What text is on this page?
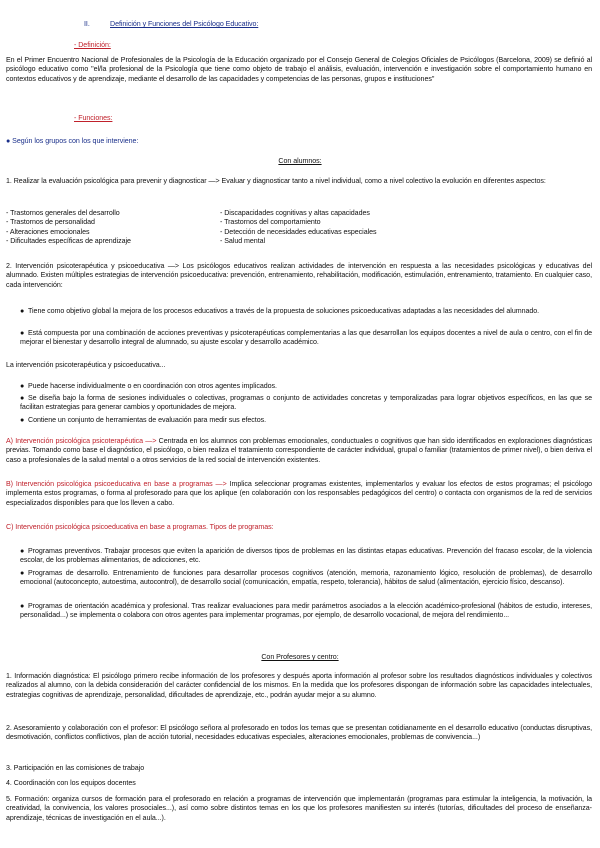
II.	Definición y Funciones del Psicólogo Educativo:
- Definición:
En el Primer Encuentro Nacional de Profesionales de la Psicología de la Educación organizado por el Consejo General de Colegios Oficiales de Psicólogos (Barcelona, 2009) se definió al psicólogo educativo como "el/la profesional de la Psicología que tiene como objeto de trabajo el análisis, evaluación, intervención e investigación sobre el comportamiento humano en contextos educativos y de aprendizaje, mediante el desarrollo de las capacidades y competencias de las personas, grupos e instituciones"
- Funciones:
● Según los grupos con los que interviene:
Con alumnos:
1. Realizar la evaluación psicológica para prevenir y diagnosticar —> Evaluar y diagnosticar tanto a nivel individual, como a nivel colectivo la evolución en diferentes aspectos:
- Trastornos generales del desarrollo
- Trastornos de personalidad
- Alteraciones emocionales
- Dificultades específicas de aprendizaje
- Discapacidades cognitivas y altas capacidades
- Trastornos del comportamiento
- Detección de necesidades educativas especiales
- Salud mental
2. Intervención psicoterapéutica y psicoeducativa —> Los psicólogos educativos realizan actividades de intervención en respuesta a las necesidades psicológicas y educativas del alumnado. Existen múltiples estrategias de intervención psicoeducativa: prevención, entrenamiento, rehabilitación, modificación, estimulación, entrenamiento, tratamiento. En cualquier caso, cada intervención:
● Tiene como objetivo global la mejora de los procesos educativos a través de la propuesta de soluciones psicoeducativas adaptadas a las necesidades del alumnado.
● Está compuesta por una combinación de acciones preventivas y psicoterapéuticas complementarias a las que desarrollan los equipos docentes a nivel de aula o centro, con el fin de mejorar el bienestar y desarrollo integral de alumnado, su ajuste escolar y desarrollo académico.
La intervención psicoterapéutica y psicoeducativa...
● Puede hacerse individualmente o en coordinación con otros agentes implicados.
● Se diseña bajo la forma de sesiones individuales o colectivas, programas o conjunto de actividades concretas y temporalizadas para lograr objetivos específicos, en las que se facilitan estrategias para generar cambios y oportunidades de mejora.
● Contiene un conjunto de herramientas de evaluación para medir sus efectos.
A) Intervención psicológica psicoterapéutica —> Centrada en los alumnos con problemas emocionales, conductuales o cognitivos que han sido identificados en exploraciones diagnósticas previas. Tomando como base el diagnóstico, el psicólogo, o bien realiza el tratamiento correspondiente de carácter individual, grupal o familiar (tratamientos de primer nivel), o bien deriva el caso a profesionales de la salud mental o a otros servicios de la red social de intervención existentes.
B) Intervención psicológica psicoeducativa en base a programas —> Implica seleccionar programas existentes, implementarlos y evaluar los efectos de estos programas; el psicólogo implementa estos programas, o forma al profesorado para que los aplique (en colaboración con los responsables pedagógicos del centro) o contacta con organismos de la red de servicios especializados disponibles para que los lleven a cabo.
C) Intervención psicológica psicoeducativa en base a programas. Tipos de programas:
● Programas preventivos. Trabajar procesos que eviten la aparición de diversos tipos de problemas en las distintas etapas educativas. Prevención del fracaso escolar, de la violencia escolar, de los problemas alimentarios, de adicciones, etc.
● Programas de desarrollo. Entrenamiento de funciones para desarrollar procesos cognitivos (atención, memoria, razonamiento lógico, resolución de problemas), de desarrollo emocional (autoconcepto, autoestima, autocontrol), de desarrollo social (comunicación, empatía, respeto, tolerancia), hábitos de salud (alimentación, ejercicio físico, descanso).
● Programas de orientación académica y profesional. Tras realizar evaluaciones para medir parámetros asociados a la elección académico-profesional (hábitos de estudio, intereses, personalidad...) se implementa o colabora con otros agentes para implementar programas, por ejemplo, de desarrollo vocacional, de mejora del rendimiento...
Con Profesores y centro:
1. Información diagnóstica: El psicólogo primero recibe información de los profesores y después aporta información al profesor sobre los resultados diagnósticos individuales y colectivos realizados al alumno, con la debida consideración del carácter confidencial de los mismos. En la medida que los profesores dispongan de información sobre las capacidades intelectuales, estrategias cognitivas de aprendizaje, personalidad, dificultades de aprendizaje, etc., podrán ayudar mejor a su alumno.
2. Asesoramiento y colaboración con el profesor: El psicólogo señora al profesorado en todos los temas que se presentan cotidianamente en el desarrollo educativo (conductas disruptivas, desmotivación, conflictos conflictivos, plan de acción tutorial, necesidades educativas especiales, alteraciones emocionales, problemas de convivencia...)
3. Participación en las comisiones de trabajo
4. Coordinación con los equipos docentes
5. Formación: organiza cursos de formación para el profesorado en relación a programas de intervención que implementarán (programas para estimular la inteligencia, la motivación, la creatividad, la convivencia, los valores prosociales...), así como sobre distintos temas en los que los profesores manifiesten su interés (tutorías, dificultades del proceso de enseñanza-aprendizaje, técnicas de investigación en el aula...).
